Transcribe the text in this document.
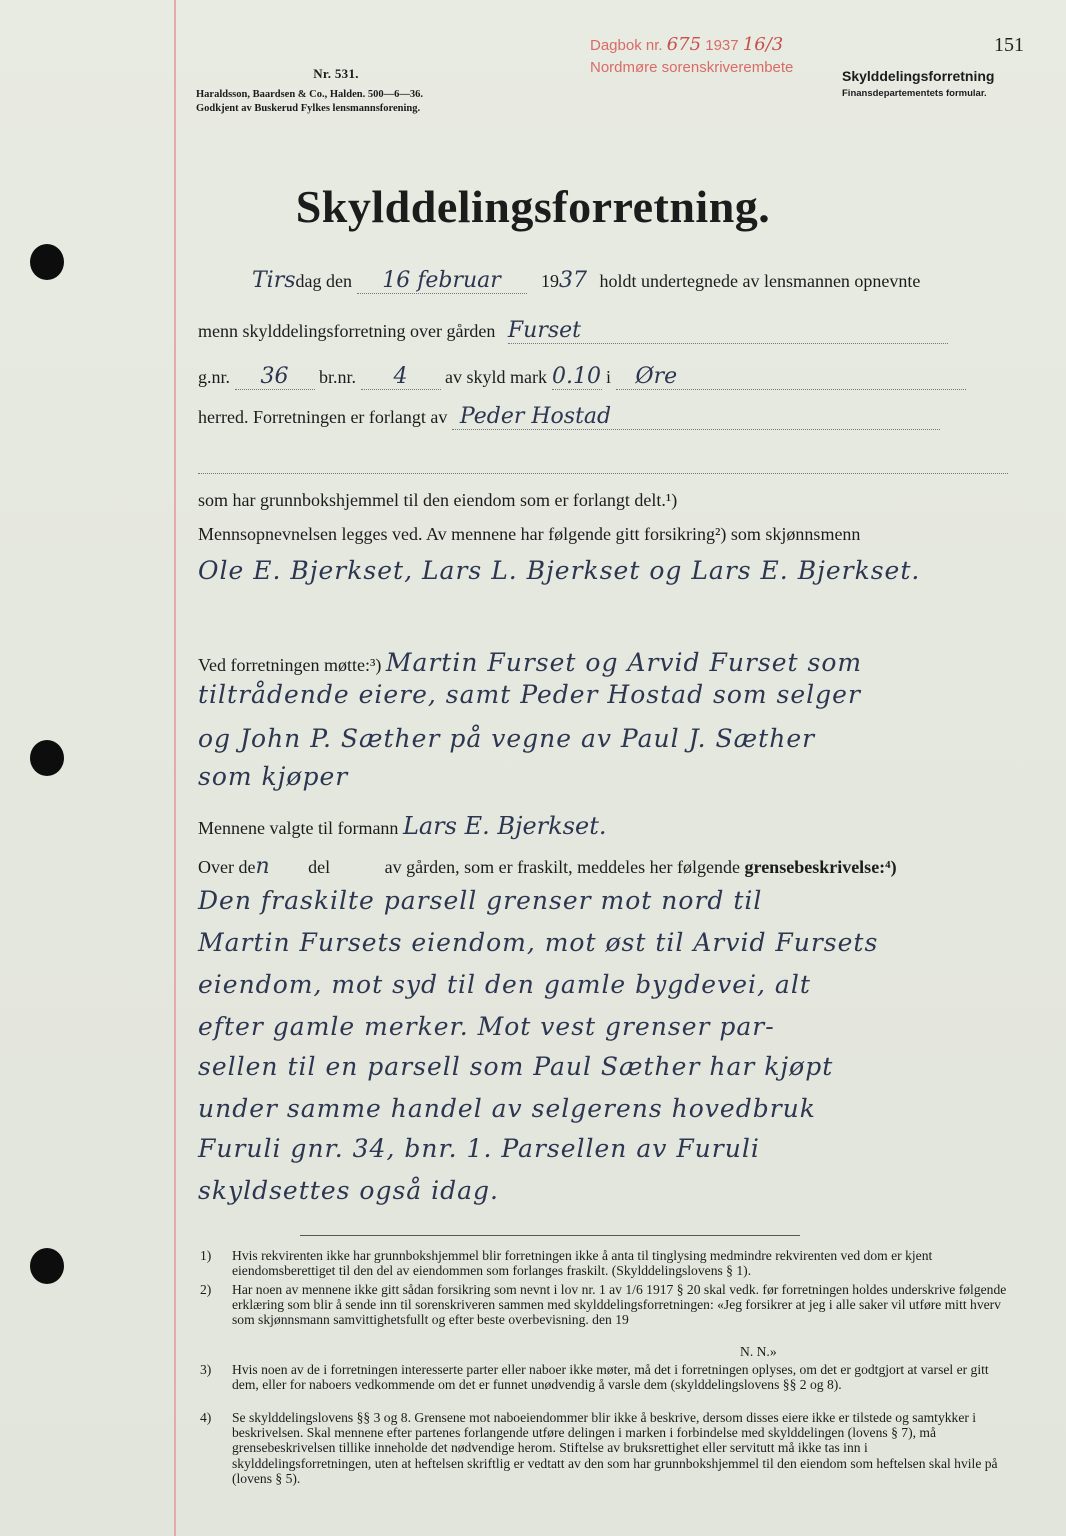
Nr. 531.
Haraldsson, Baardsen & Co., Halden. 500—6—36.
Godkjent av Buskerud Fylkes lensmannsforening.
Dagbok nr. 675 1937 16/3
Nordmøre sorenskriverembete
151
Skylddelingsforretning
Finansdepartementets formular.
Skylddelingsforretning.
Tirsdag den 16 februar 1937 holdt undertegnede av lensmannen opnevnte
menn skylddelingsforretning over gården Furset
g.nr. 36 br.nr. 4 av skyld mark 0.10 i Øre
herred. Forretningen er forlangt av Peder Hostad

som har grunnbokshjemmel til den eiendom som er forlangt delt.¹)
Mennsopnevnelsen legges ved. Av mennene har følgende gitt forsikring²) som skjønnsmenn
Ole E. Bjerkset, Lars L. Bjerkset og Lars E. Bjerkset.
Ved forretningen møtte:³) Martin Furset og Arvid Furset som
tiltrådende eiere, samt Peder Hostad som selger
og John P. Sæther på vegne av Paul J. Sæther
som kjøper
Mennene valgte til formann Lars E. Bjerkset.
Over den del	av gården, som er fraskilt, meddeles her følgende grensebeskrivelse:⁴)
Den fraskilte parsell grenser mot nord til
Martin Fursets eiendom, mot øst til Arvid Fursets
eiendom, mot syd til den gamle bygdevei, alt
efter gamle merker. Mot vest grenser par-
sellen til en parsell som Paul Sæther har kjøpt
under samme handel av selgerens hovedbruk
Furuli gnr. 34, bnr. 1. Parsellen av Furuli
skyldsettes også idag.
1) Hvis rekvirenten ikke har grunnbokshjemmel blir forretningen ikke å anta til tinglysing medmindre rekvirenten ved dom er kjent eiendomsberettiget til den del av eiendommen som forlanges fraskilt. (Skylddelingslovens § 1).
2) Har noen av mennene ikke gitt sådan forsikring som nevnt i lov nr. 1 av 1/6 1917 § 20 skal vedk. før forretningen holdes underskrive følgende erklæring som blir å sende inn til sorenskriveren sammen med skylddelingsforretningen: «Jeg forsikrer at jeg i alle saker vil utføre mitt hverv som skjønnsmann samvittighetsfullt og efter beste overbevisning. den 19
N. N.»
3) Hvis noen av de i forretningen interesserte parter eller naboer ikke møter, må det i forretningen oplyses, om det er godtgjort at varsel er gitt dem, eller for naboers vedkommende om det er funnet unødvendig å varsle dem (skylddelingslovens §§ 2 og 8).
4) Se skylddelingslovens §§ 3 og 8. Grensene mot naboeiendommer blir ikke å beskrive, dersom disses eiere ikke er tilstede og samtykker i beskrivelsen. Skal mennene efter partenes forlangende utføre delingen i marken i forbindelse med skylddelingen (lovens § 7), må grensebeskrivelsen tillike inneholde det nødvendige herom. Stiftelse av bruksrettighet eller servitutt må ikke tas inn i skylddelingsforretningen, uten at heftelsen skriftlig er vedtatt av den som har grunnbokshjemmel til den eiendom som heftelsen skal hvile på (lovens § 5).
